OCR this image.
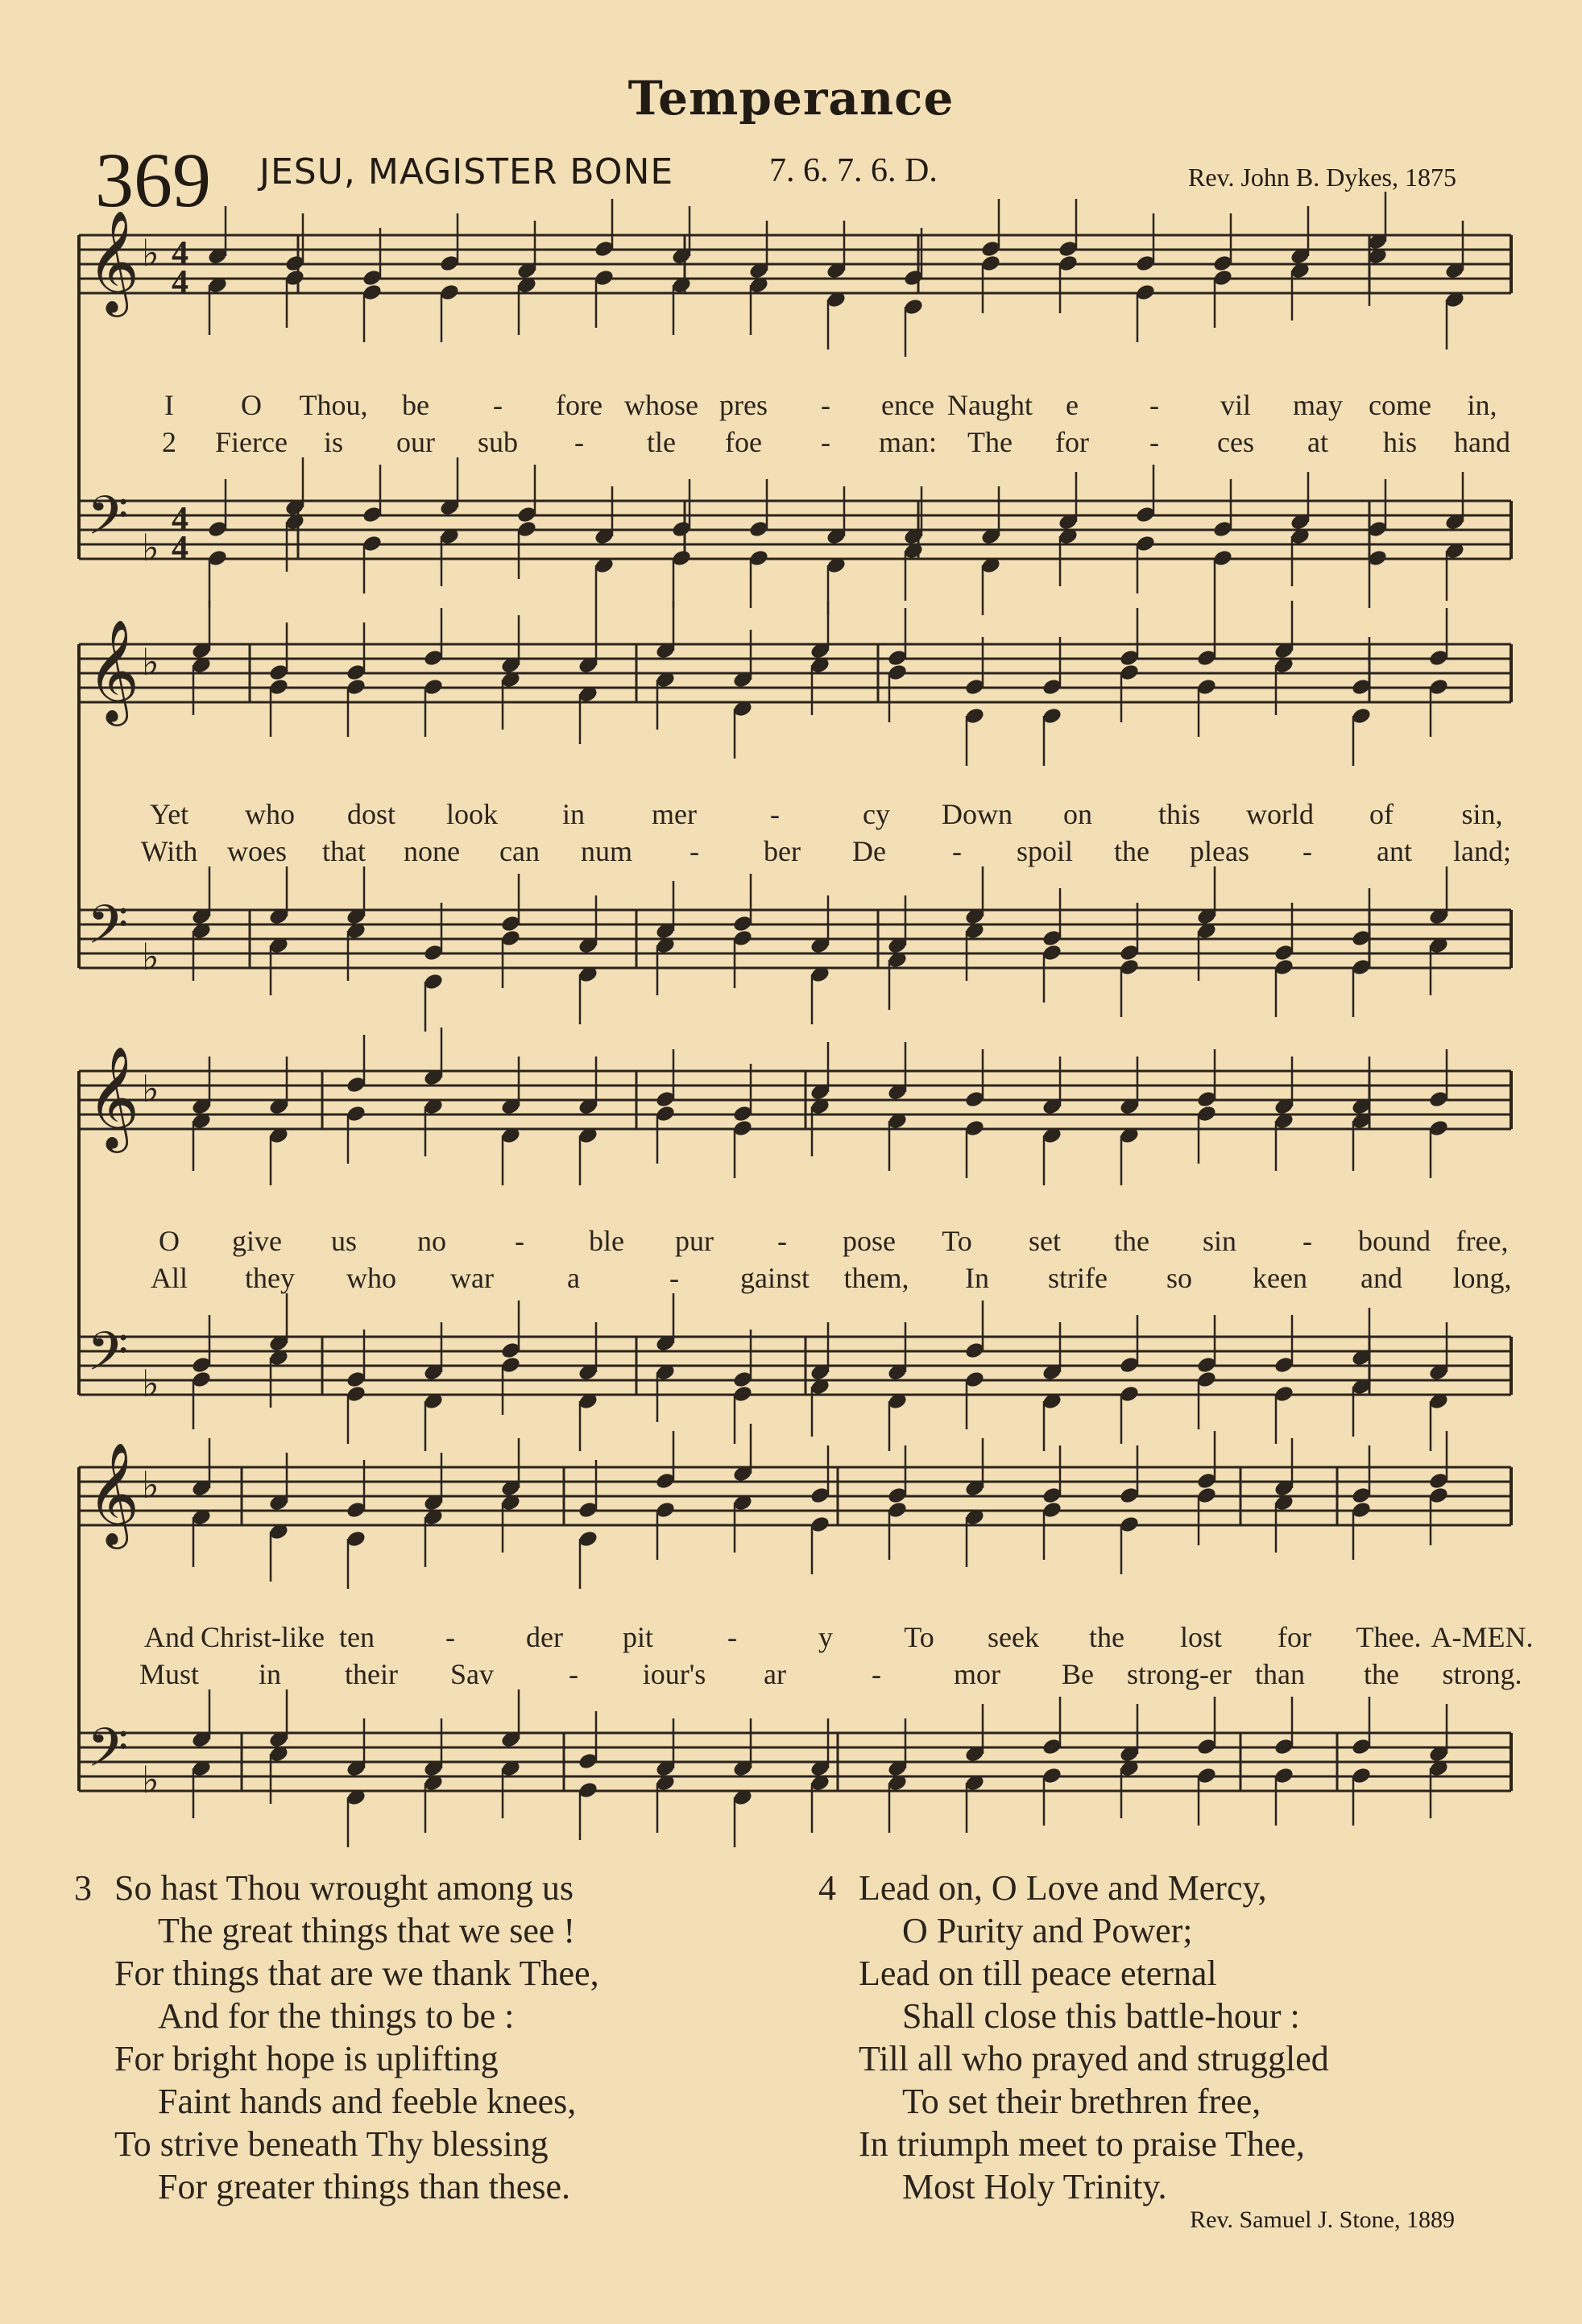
Temperance
369 JESU, MAGISTER BONE	7. 6. 7. 6. D.	Rev. John B. Dykes, 1875
𝄞
𝄢
♭
♭
4
4
4
4
𝄞
𝄢
♭
♭
𝄞
𝄢
♭
♭
𝄞
𝄢
♭
♭
I O Thou, be - fore whose pres - ence Naught e - vil may come in,
2 Fierce is our sub - tle foe - man: The for - ces at his hand
Yet who dost look in mer	-	cy Down on this world of sin,
With woes that none can num - ber De - spoil the pleas - ant land;
O give us no - ble pur - pose To set the sin - bound free,
All they who war	a	- gainst them, In strife so keen and long,
And Christ-like ten - der pit	-	y To seek the lost for Thee. A-MEN.
Must in their Sav	- iour's ar	-	mor Be strong-er than the strong.
3 So hast Thou wrought among us
The great things that we see !
For things that are we thank Thee,
And for the things to be :
For bright hope is uplifting
Faint hands and feeble knees,
To strive beneath Thy blessing
For greater things than these.
4 Lead on, O Love and Mercy,
O Purity and Power;
Lead on till peace eternal
Shall close this battle-hour :
Till all who prayed and struggled
To set their brethren free,
In triumph meet to praise Thee,
Most Holy Trinity.
Rev. Samuel J. Stone, 1889
